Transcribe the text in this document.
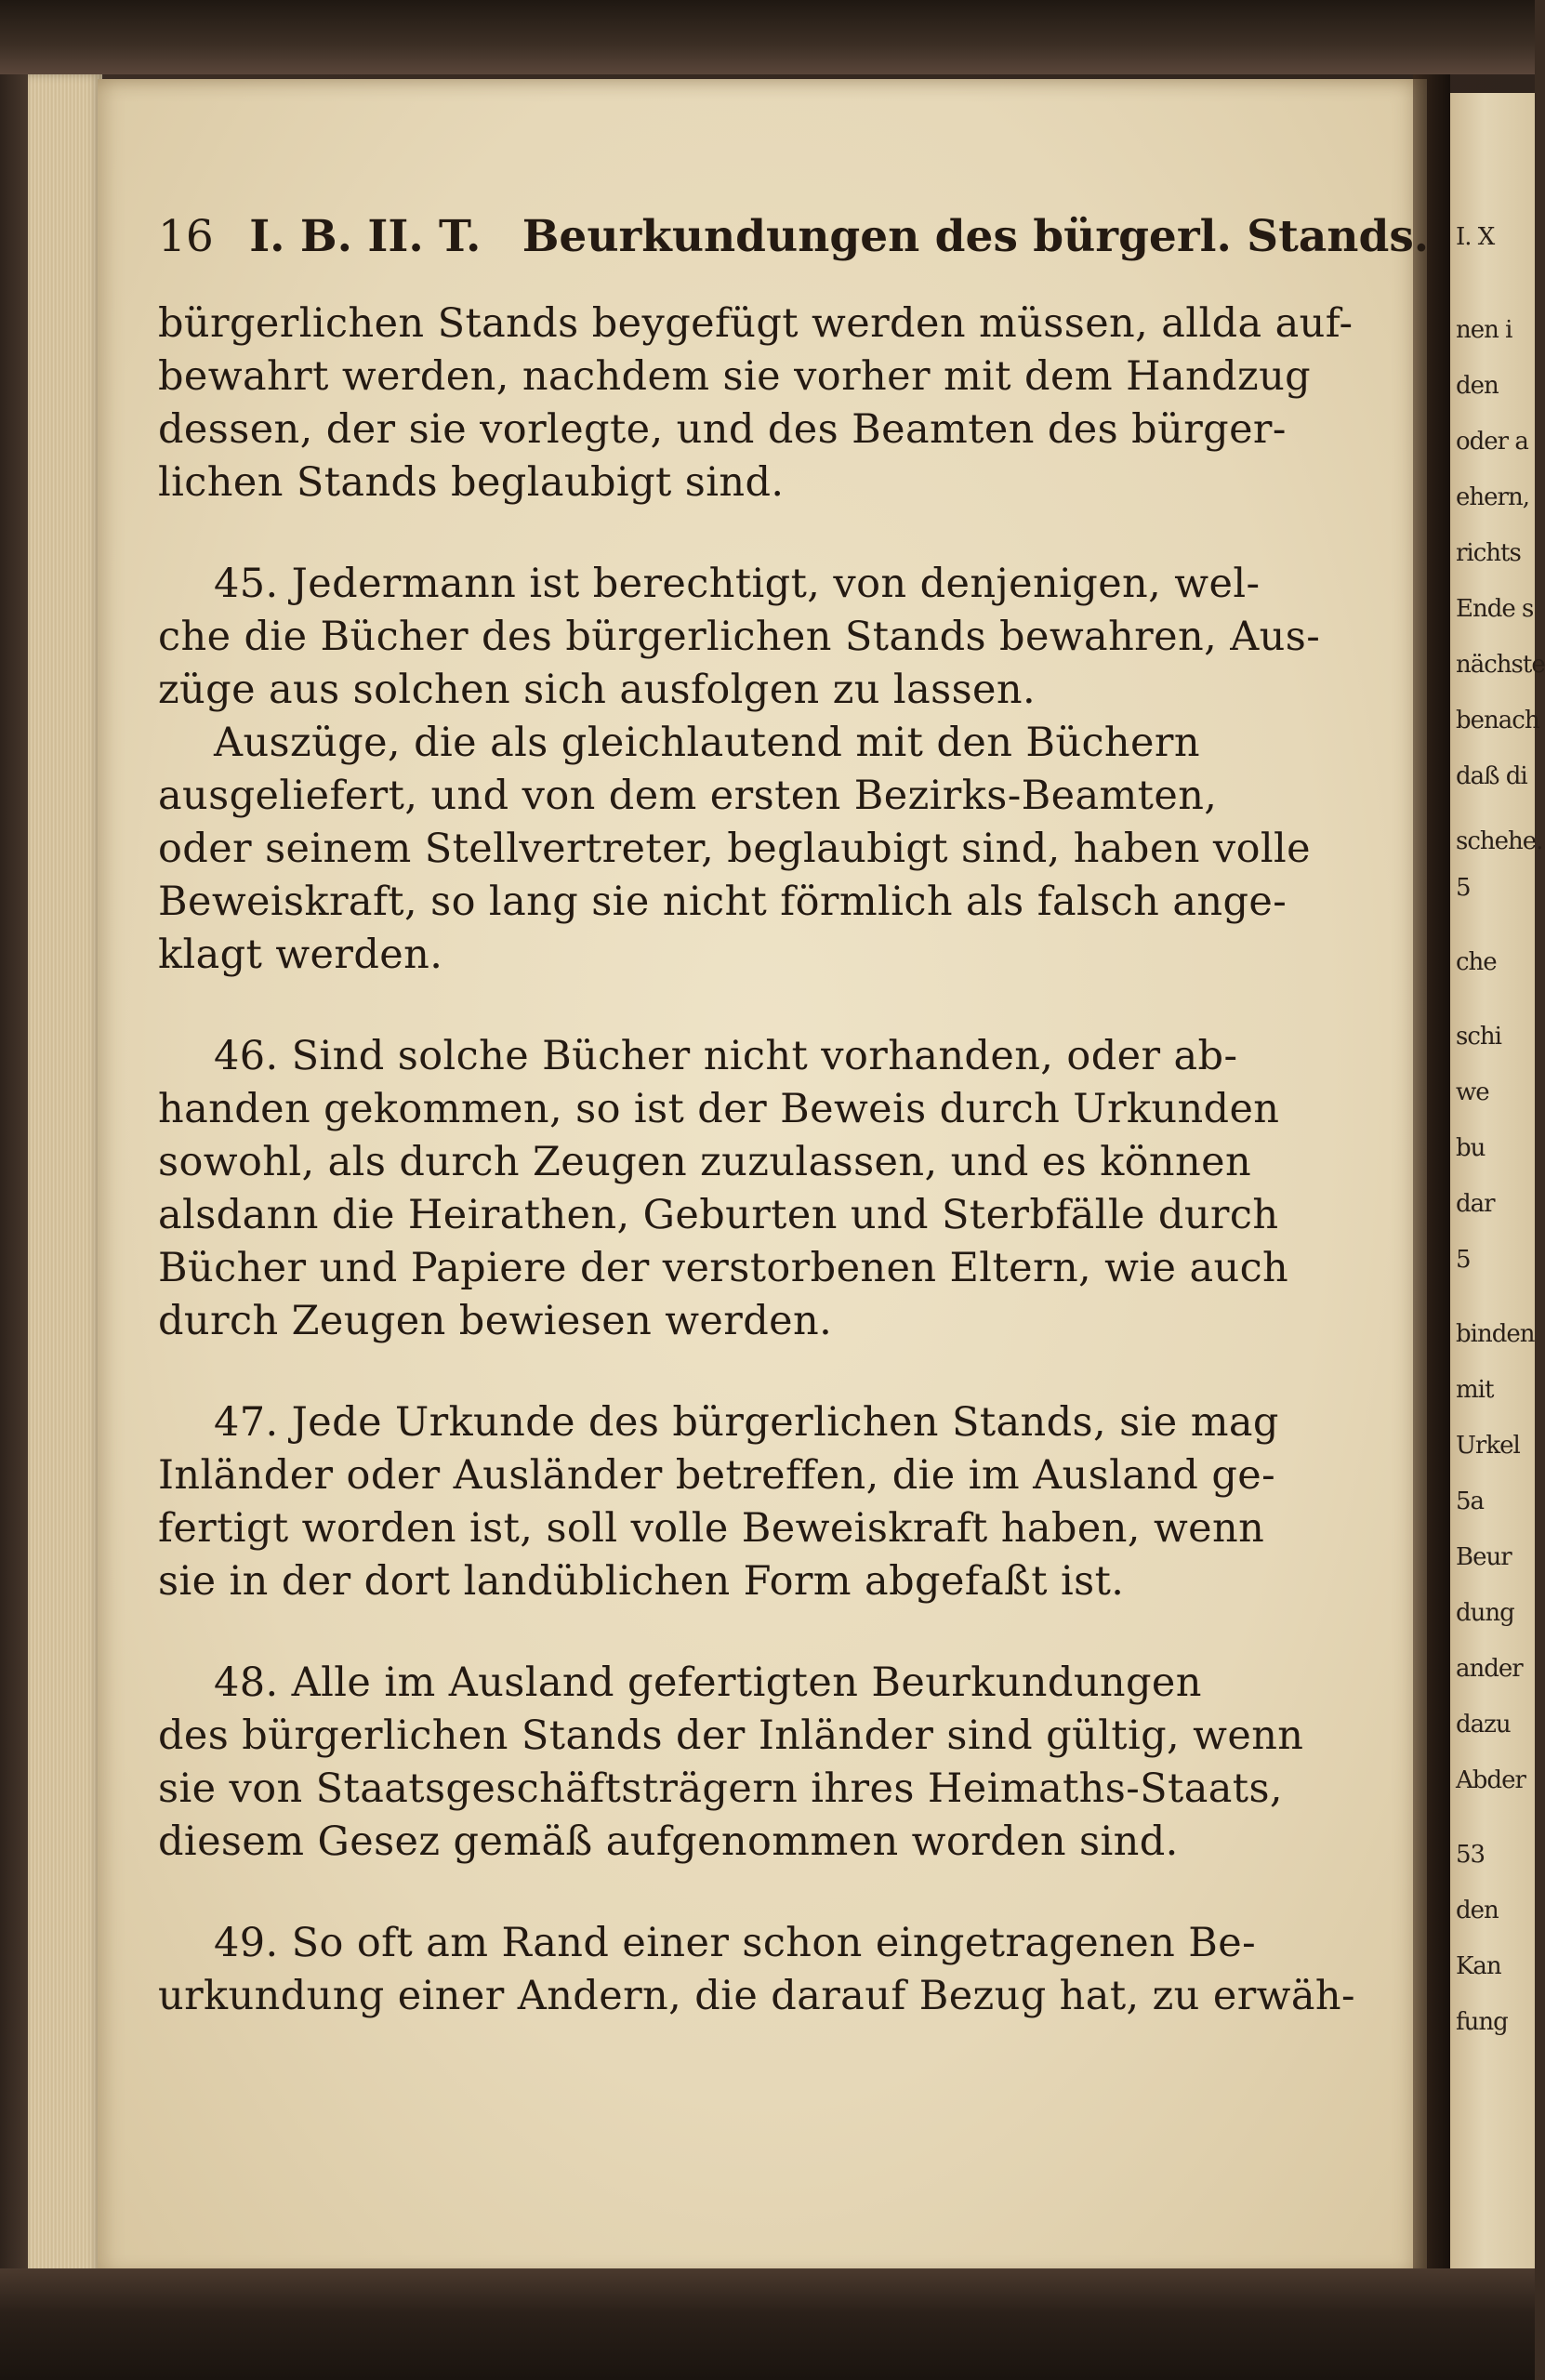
I. X
nen i
den
oder a
ehern,
richts
Ende s
nächste
benach
daß di
schehe.
5
che
schi
we
bu
dar
5
binden
mit
Urkel
5a
Beur
dung
ander
dazu
Abder
53
den
Kan
fung
16 I. B. II. T. Beurkundungen des bürgerl. Stands.
bürgerlichen Stands beygefügt werden müssen, allda auf-
bewahrt werden, nachdem sie vorher mit dem Handzug
dessen, der sie vorlegte, und des Beamten des bürger-
lichen Stands beglaubigt sind.
45. Jedermann ist berechtigt, von denjenigen, wel-
che die Bücher des bürgerlichen Stands bewahren, Aus-
züge aus solchen sich ausfolgen zu lassen.
Auszüge, die als gleichlautend mit den Büchern
ausgeliefert, und von dem ersten Bezirks-Beamten,
oder seinem Stellvertreter, beglaubigt sind, haben volle
Beweiskraft, so lang sie nicht förmlich als falsch ange-
klagt werden.
46. Sind solche Bücher nicht vorhanden, oder ab-
handen gekommen, so ist der Beweis durch Urkunden
sowohl, als durch Zeugen zuzulassen, und es können
alsdann die Heirathen, Geburten und Sterbfälle durch
Bücher und Papiere der verstorbenen Eltern, wie auch
durch Zeugen bewiesen werden.
47. Jede Urkunde des bürgerlichen Stands, sie mag
Inländer oder Ausländer betreffen, die im Ausland ge-
fertigt worden ist, soll volle Beweiskraft haben, wenn
sie in der dort landüblichen Form abgefaßt ist.
48. Alle im Ausland gefertigten Beurkundungen
des bürgerlichen Stands der Inländer sind gültig, wenn
sie von Staatsgeschäftsträgern ihres Heimaths-Staats,
diesem Gesez gemäß aufgenommen worden sind.
49. So oft am Rand einer schon eingetragenen Be-
urkundung einer Andern, die darauf Bezug hat, zu erwäh-
